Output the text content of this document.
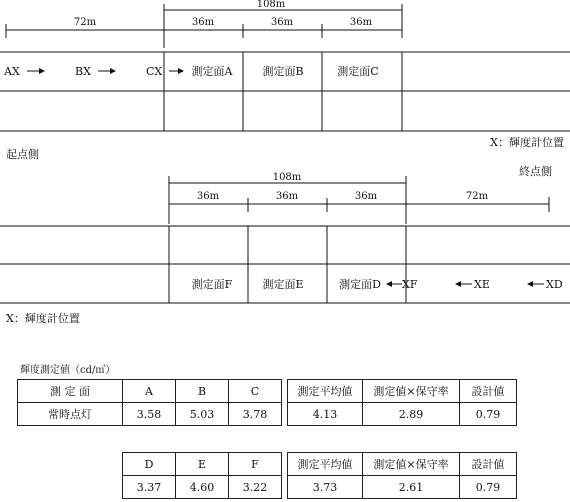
108m
72m	36m	36m	36m
AX	BX	CX	測定面A	測定面B	測定面C
X：輝度計位置
起点側
終点側
108m
36m	36m	36m	72m
測定面F	測定面E	測定面D XF	XE	XD
X：輝度計位置
輝度測定値（cd/㎡）
測 定 面	A	B	C		測定平均値	測定値×保守率	設計値
常時点灯	3.58	5.03	3.78		4.13	2.89	0.79
D	E	F		測定平均値	測定値×保守率	設計値
3.37	4.60	3.22		3.73	2.61	0.79
